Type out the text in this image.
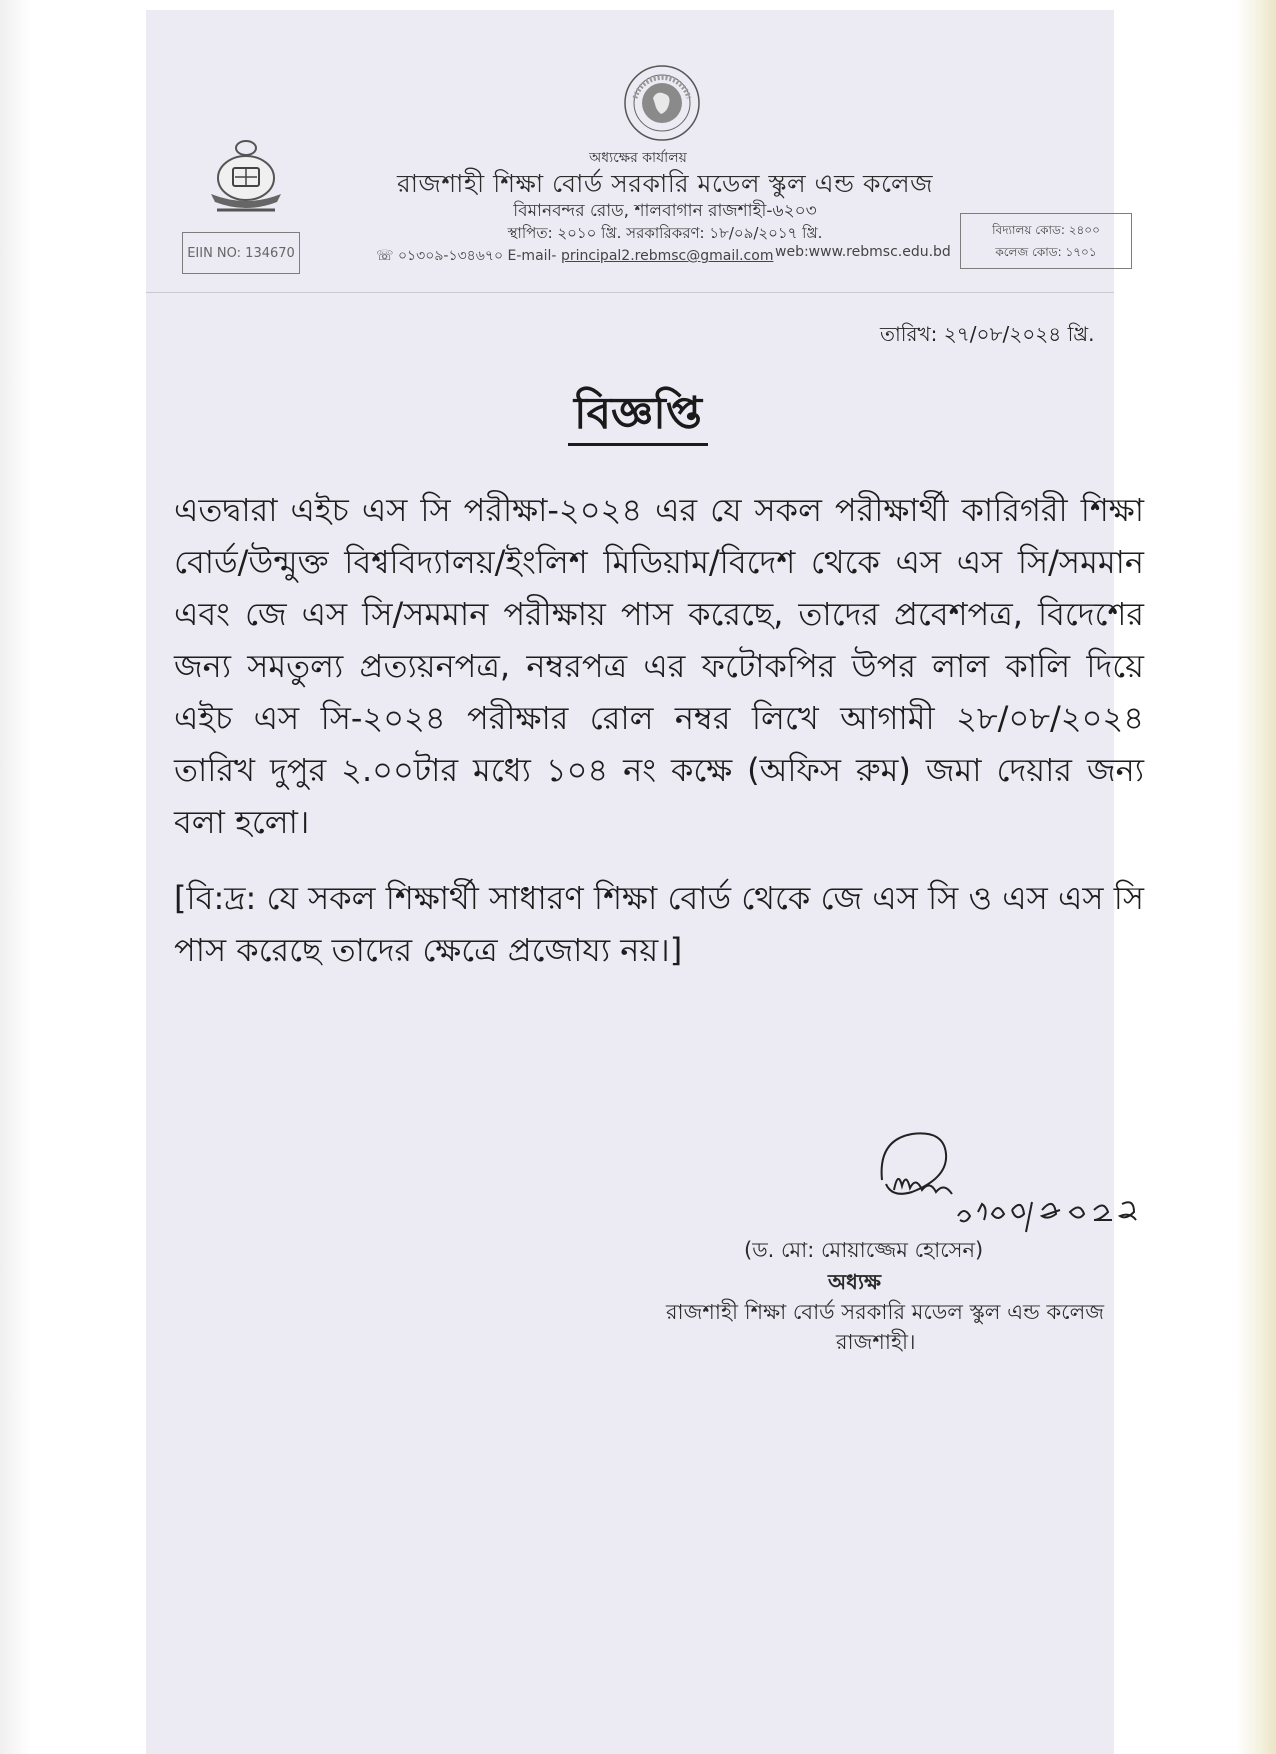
অধ্যক্ষের কার্যালয়
রাজশাহী শিক্ষা বোর্ড সরকারি মডেল স্কুল এন্ড কলেজ
বিমানবন্দর রোড, শালবাগান রাজশাহী-৬২০৩
স্থাপিত: ২০১০ খ্রি. সরকারিকরণ: ১৮/০৯/২০১৭ খ্রি.
☏ ০১৩০৯-১৩৪৬৭০ E-mail- principal2.rebmsc@gmail.com web:www.rebmsc.edu.bd
EIIN NO: 134670
বিদ্যালয় কোড: ২৪০০
কলেজ কোড: ১৭০১
তারিখ: ২৭/০৮/২০২৪ খ্রি.
বিজ্ঞপ্তি
এতদ্বারা এইচ এস সি পরীক্ষা-২০২৪ এর যে সকল পরীক্ষার্থী কারিগরী শিক্ষা বোর্ড/উন্মুক্ত বিশ্ববিদ্যালয়/ইংলিশ মিডিয়াম/বিদেশ থেকে এস এস সি/সমমান এবং জে এস সি/সমমান পরীক্ষায় পাস করেছে, তাদের প্রবেশপত্র, বিদেশের জন্য সমতুল্য প্রত্যয়নপত্র, নম্বরপত্র এর ফটোকপির উপর লাল কালি দিয়ে এইচ এস সি-২০২৪ পরীক্ষার রোল নম্বর লিখে আগামী ২৮/০৮/২০২৪ তারিখ দুপুর ২.০০টার মধ্যে ১০৪ নং কক্ষে (অফিস রুম) জমা দেয়ার জন্য বলা হলো।
[বি:দ্র: যে সকল শিক্ষার্থী সাধারণ শিক্ষা বোর্ড থেকে জে এস সি ও এস এস সি পাস করেছে তাদের ক্ষেত্রে প্রজোয্য নয়।]
(ড. মো: মোয়াজ্জেম হোসেন)
অধ্যক্ষ
রাজশাহী শিক্ষা বোর্ড সরকারি মডেল স্কুল এন্ড কলেজ
রাজশাহী।
